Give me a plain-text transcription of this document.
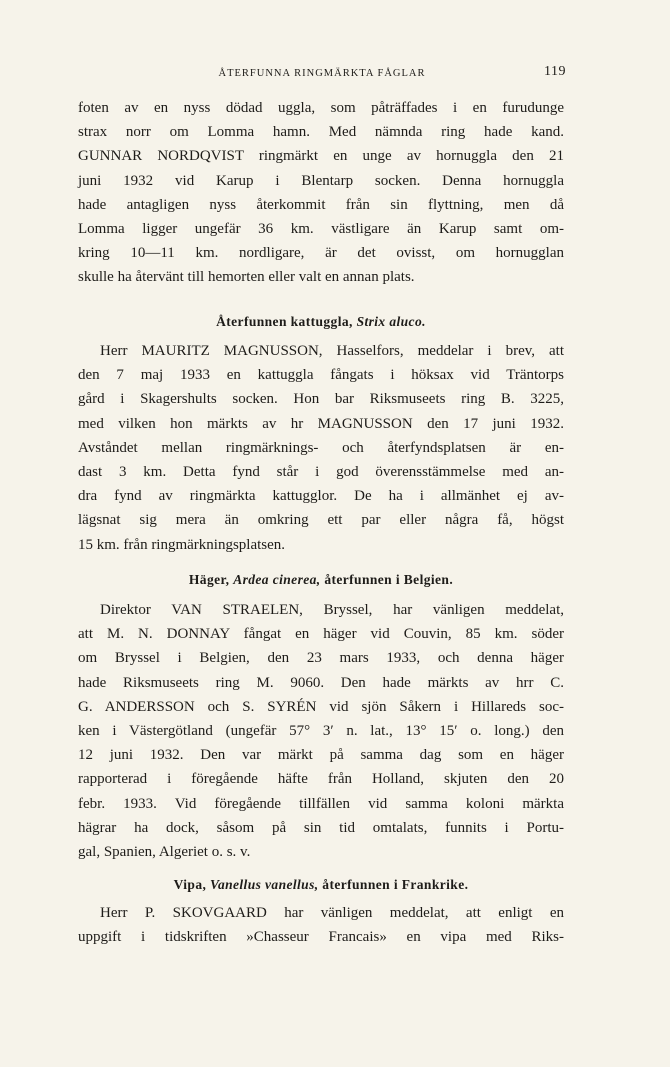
ÅTERFUNNA RINGMÄRKTA FÅGLAR	119
foten av en nyss dödad uggla, som påträffades i en furudunge
strax norr om Lomma hamn. Med nämnda ring hade kand.
GUNNAR NORDQVIST ringmärkt en unge av hornuggla den 21
juni 1932 vid Karup i Blentarp socken. Denna hornuggla
hade antagligen nyss återkommit från sin flyttning, men då
Lomma ligger ungefär 36 km. västligare än Karup samt om-
kring 10—11 km. nordligare, är det ovisst, om hornugglan
skulle ha återvänt till hemorten eller valt en annan plats.
Återfunnen kattuggla, Strix aluco.
Herr MAURITZ MAGNUSSON, Hasselfors, meddelar i brev, att
den 7 maj 1933 en kattuggla fångats i höksax vid Träntorps
gård i Skagershults socken. Hon bar Riksmuseets ring B. 3225,
med vilken hon märkts av hr MAGNUSSON den 17 juni 1932.
Avståndet mellan ringmärknings- och återfyndsplatsen är en-
dast 3 km. Detta fynd står i god överensstämmelse med an-
dra fynd av ringmärkta kattugglor. De ha i allmänhet ej av-
lägsnat sig mera än omkring ett par eller några få, högst
15 km. från ringmärkningsplatsen.
Häger, Ardea cinerea, återfunnen i Belgien.
Direktor VAN STRAELEN, Bryssel, har vänligen meddelat,
att M. N. DONNAY fångat en häger vid Couvin, 85 km. söder
om Bryssel i Belgien, den 23 mars 1933, och denna häger
hade Riksmuseets ring M. 9060. Den hade märkts av hrr C.
G. ANDERSSON och S. SYRÉN vid sjön Såkern i Hillareds soc-
ken i Västergötland (ungefär 57° 3′ n. lat., 13° 15′ o. long.) den
12 juni 1932. Den var märkt på samma dag som en häger
rapporterad i föregående häfte från Holland, skjuten den 20
febr. 1933. Vid föregående tillfällen vid samma koloni märkta
hägrar ha dock, såsom på sin tid omtalats, funnits i Portu-
gal, Spanien, Algeriet o. s. v.
Vipa, Vanellus vanellus, återfunnen i Frankrike.
Herr P. SKOVGAARD har vänligen meddelat, att enligt en
uppgift i tidskriften »Chasseur Francais» en vipa med Riks-
